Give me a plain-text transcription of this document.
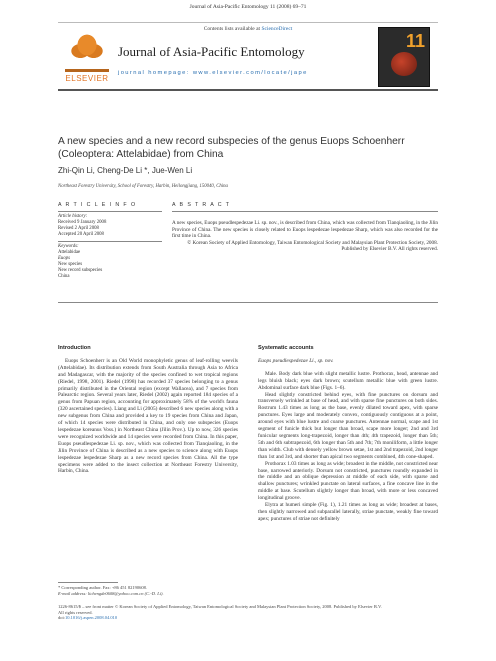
Journal of Asia-Pacific Entomology 11 (2008) 69–71
Contents lists available at ScienceDirect
ELSEVIER
11
Journal of Asia-Pacific Entomology
journal homepage: www.elsevier.com/locate/jape
A new species and a new record subspecies of the genus Euops Schoenherr
(Coleoptera: Attelabidae) from China
Zhi-Qin Li, Cheng-De Li *, Jue-Wen Li
Northeast Forestry University, School of Forestry, Harbin, Heilongjiang, 150040, China
A R T I C L E I N F O
Article history:
Received 9 January 2008
Revised 2 April 2008
Accepted 20 April 2008
Keywords:
Attelabidae
Euops
New species
New record subspecies
China
A B S T R A C T
A new species, Euops pseudlespedezae Li. sp. nov., is described from China, which was collected from Tianqiaoling, in the Jilin Province of China. The new species is closely related to Euops lespedezae lespedezae Sharp, which was also recorded for the first time in China.
© Korean Society of Applied Entomology, Taiwan Entomological Society and Malaysian Plant Protection Society, 2008. Published by Elsevier B.V. All rights reserved.
Introduction

Euops Schoenherr is an Old World monophyletic genus of leaf-rolling weevils (Attelabidae). Its distribution extends from South Australia through Asia to Africa and Madagascar, with the majority of the species confined to wet tropical regions (Riedel, 1998, 2001). Riedel (1998) has recorded 37 species belonging to a genus primarily distributed in the Oriental region (except Wallacea), and 7 species from Palearctic region. Several years later, Riedel (2002) again reported 184 species of a genus from Papuan region, accounting for approximately 58% of the world's fauna (320 ascertained species). Liang and Li (2005) described 6 new species along with a new subgenus from China and provided a key to 19 species from China and Japan, of which 14 species were distributed in China, and only one subspecies (Euops lespedezae koreanus Voss.) in Northeast China (Jilin Prov.). Up to now, 326 species were recognized worldwide and 14 species were recorded from China. In this paper, Euops pseudlespedezae Li. sp. nov., which was collected from Tianqiaoling, in the Jilin Province of China is described as a new species to science along with Euops lespedezae lespedezae Sharp as a new record species from China. All the type specimens were added to the insect collection at Northeast Forestry University, Harbin, China.

Systematic accounts
Euops pseudlespedezae Li., sp. nov.

Male. Body dark blue with slight metallic lustre. Prothorax, head, antennae and legs bluish black; eyes dark brown; scutellum metallic blue with green lustre. Abdominal surface dark blue (Figs. 1–6).

Head slightly constricted behind eyes, with fine punctures on dorsum and transversely wrinkled at base of head, and with sparse fine punctures on both sides. Rostrum 1.43 times as long as the base, evenly dilated toward apex, with sparse punctures. Eyes large and moderately convex, contiguously contiguous at a point, around eyes with blue lustre and coarse punctures. Antennae normal, scape and 1st segment of funicle thick but longer than broad, scape more longer; 2nd and 3rd funicular segments long-trapezoid, longer than 4th; 4th trapezoid, longer than 5th; 5th and 6th subtrapezoid, 6th longer than 5th and 7th; 7th moniliform, a little longer than width. Club with densely yellow brown setae, 1st and 2nd trapezoid, 2nd longer than 1st and 3rd, and shorter than apical two segments combined, 4th cone-shaped.

Prothorax 1.03 times as long as wide; broadest in the middle, not constricted near base, narrowed anteriorly. Dorsum not constricted, punctures roundly expanded in the middle and an oblique depression at middle of each side, with sparse and shallow punctures; wrinkled punctate on lateral surfaces, a fine concave line in the middle at base. Scutellum slightly longer than broad, with more or less concaved longitudinal groove.

Elytra at humeri simple (Fig. 1), 1.21 times as long as wide; broadest at bases, then slightly narrowed and subparallel laterally, striae punctate, weakly fine toward apex; punctures of striae not definitely

* Corresponding author. Fax: +86 451 82190608.
E-mail address: lichengde0608@yahoo.com.cn (C.-D. Li).
1226-8615/$ – see front matter © Korean Society of Applied Entomology, Taiwan Entomological Society and Malaysian Plant Protection Society, 2008. Published by Elsevier B.V.
All rights reserved.
doi:10.1016/j.aspen.2008.04.010
